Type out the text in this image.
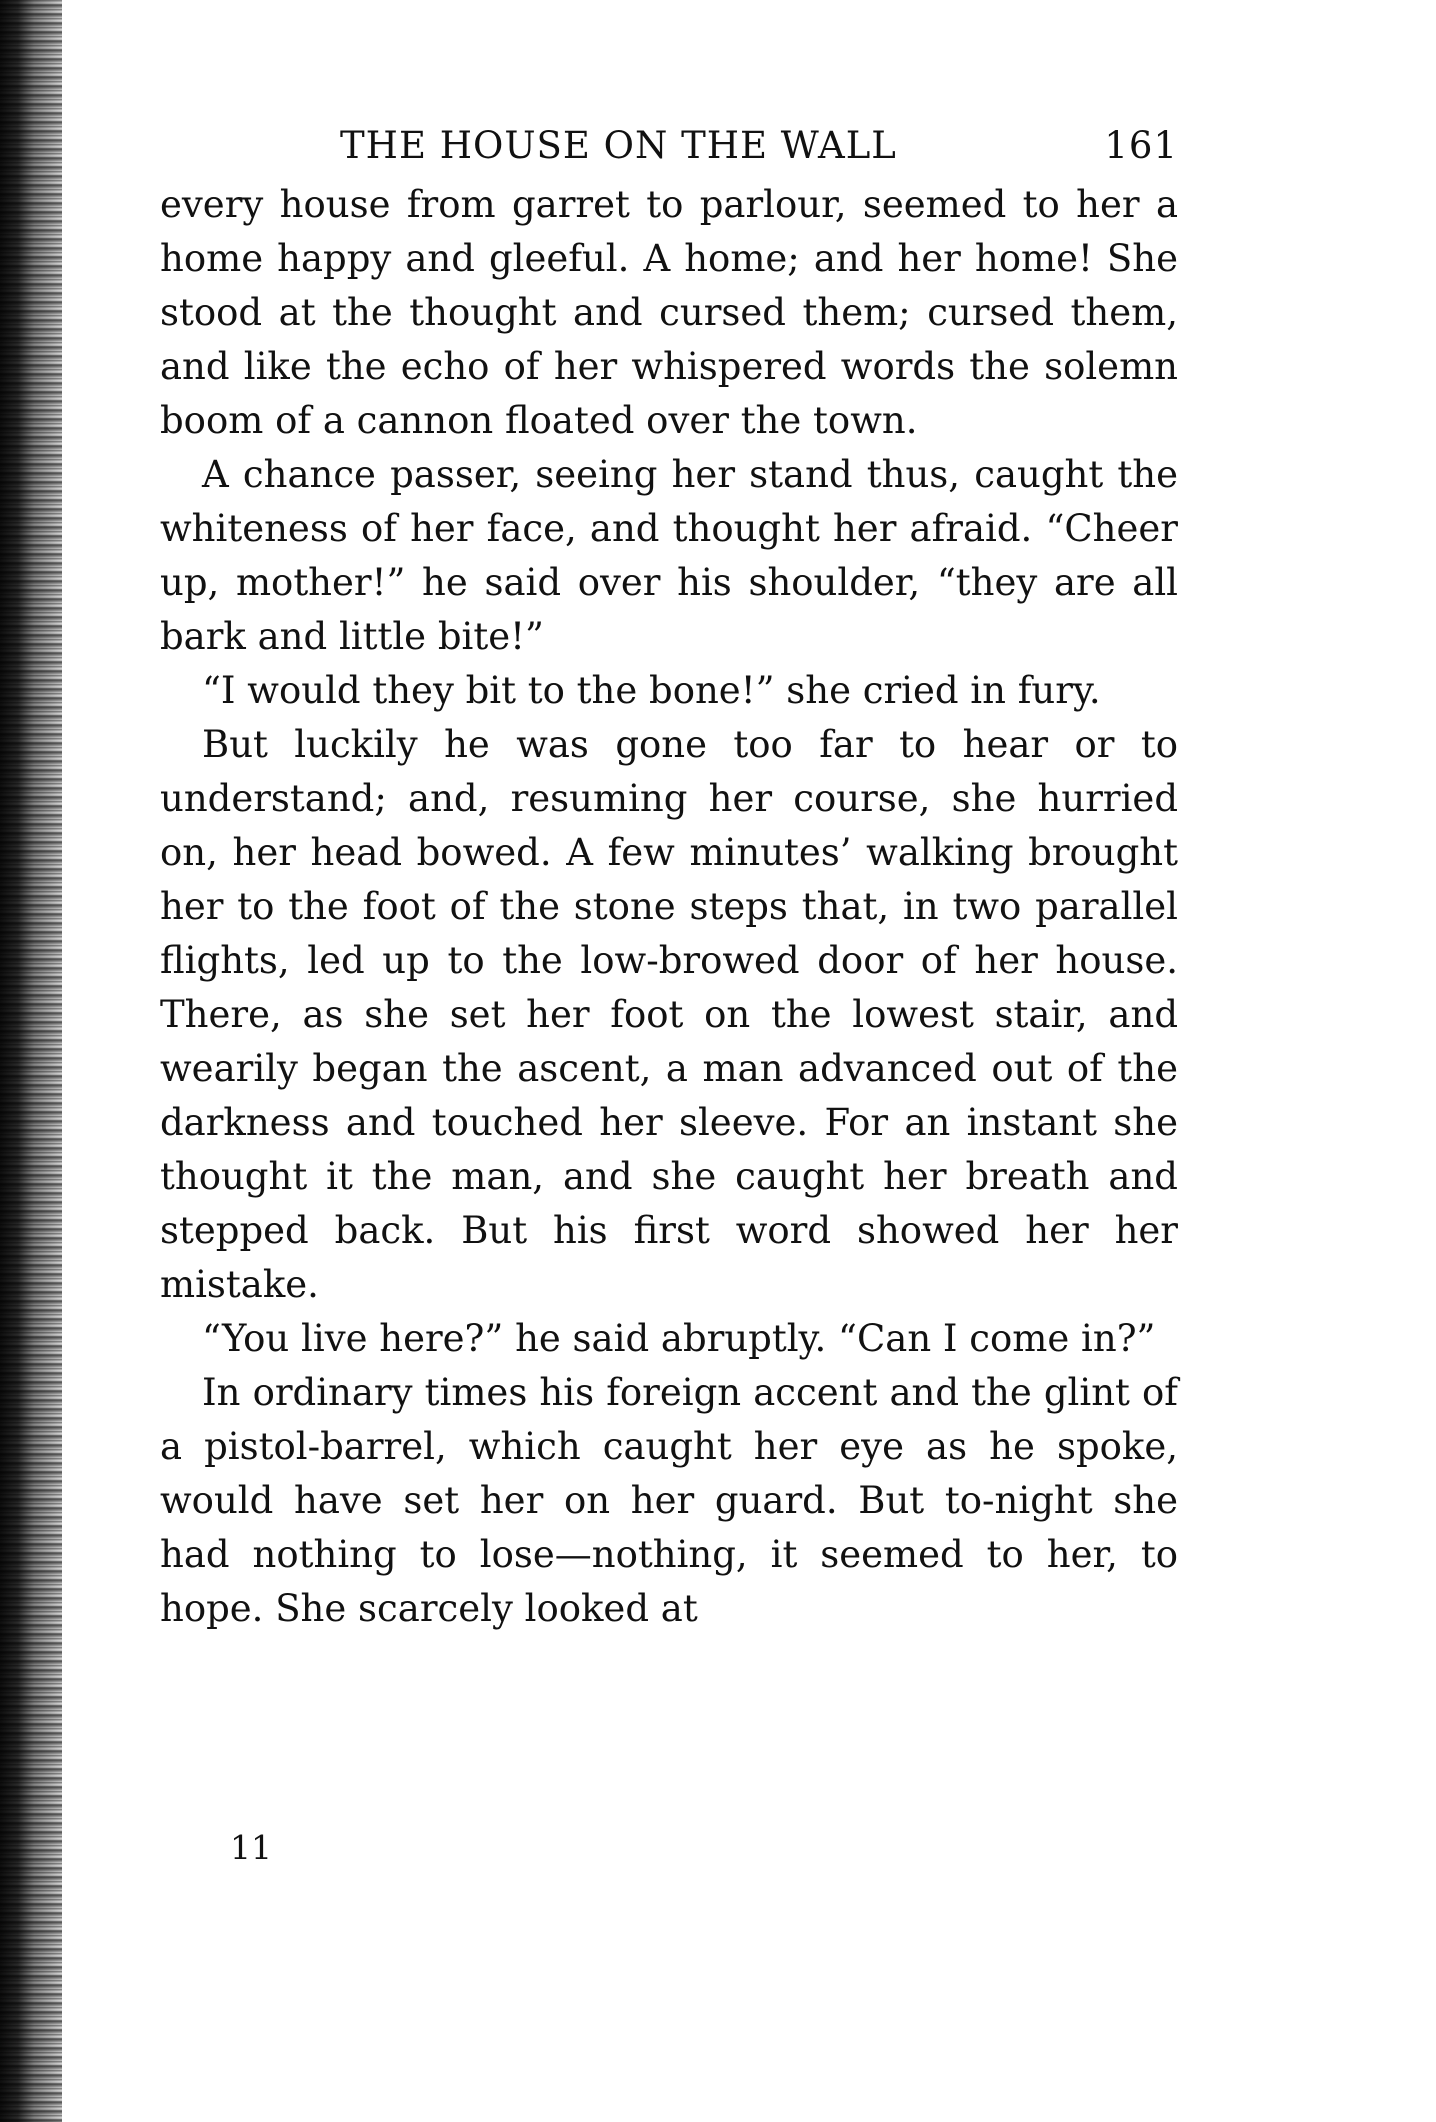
THE HOUSE ON THE WALL	161

every house from garret to parlour, seemed to her a home happy and gleeful. A home; and her home! She stood at the thought and cursed them; cursed them, and like the echo of her whispered words the solemn boom of a cannon floated over the town.

A chance passer, seeing her stand thus, caught the whiteness of her face, and thought her afraid. “Cheer up, mother!” he said over his shoulder, “they are all bark and little bite!”

“I would they bit to the bone!” she cried in fury.

But luckily he was gone too far to hear or to understand; and, resuming her course, she hurried on, her head bowed. A few minutes’ walking brought her to the foot of the stone steps that, in two parallel flights, led up to the low-browed door of her house. There, as she set her foot on the lowest stair, and wearily began the ascent, a man advanced out of the darkness and touched her sleeve. For an instant she thought it the man, and she caught her breath and stepped back. But his first word showed her her mistake.

“You live here?” he said abruptly. “Can I come in?”

In ordinary times his foreign accent and the glint of a pistol-barrel, which caught her eye as he spoke, would have set her on her guard. But to-night she had nothing to lose—nothing, it seemed to her, to hope. She scarcely looked at

11
